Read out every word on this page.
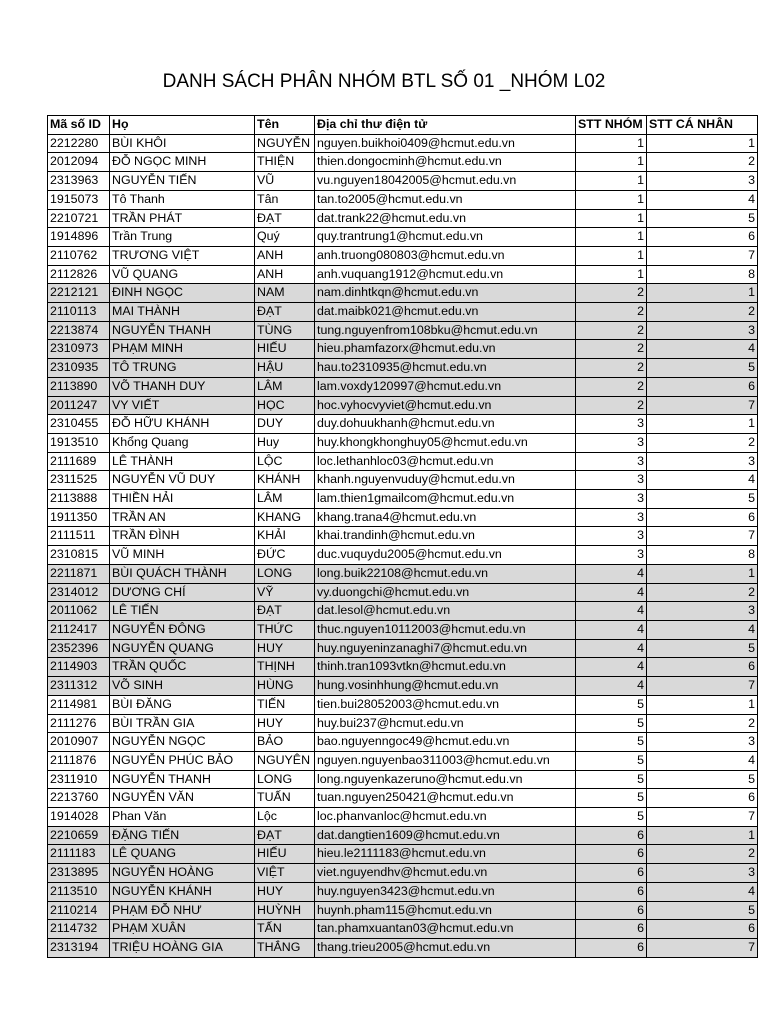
DANH SÁCH PHÂN NHÓM BTL SỐ 01 _NHÓM L02
Mã số ID	Họ	Tên	Địa chỉ thư điện tử	STT NHÓM	STT CÁ NHÂN
2212280	BÙI KHÔI	NGUYỄN	nguyen.buikhoi0409@hcmut.edu.vn	1	1
2012094	ĐỖ NGỌC MINH	THIỆN	thien.dongocminh@hcmut.edu.vn	1	2
2313963	NGUYỄN TIẾN	VŨ	vu.nguyen18042005@hcmut.edu.vn	1	3
1915073	Tô Thanh	Tân	tan.to2005@hcmut.edu.vn	1	4
2210721	TRẦN PHÁT	ĐẠT	dat.trank22@hcmut.edu.vn	1	5
1914896	Trần Trung	Quý	quy.trantrung1@hcmut.edu.vn	1	6
2110762	TRƯƠNG VIỆT	ANH	anh.truong080803@hcmut.edu.vn	1	7
2112826	VŨ QUANG	ANH	anh.vuquang1912@hcmut.edu.vn	1	8
2212121	ĐINH NGỌC	NAM	nam.dinhtkqn@hcmut.edu.vn	2	1
2110113	MAI THÀNH	ĐẠT	dat.maibk021@hcmut.edu.vn	2	2
2213874	NGUYỄN THANH	TÙNG	tung.nguyenfrom108bku@hcmut.edu.vn	2	3
2310973	PHẠM MINH	HIẾU	hieu.phamfazorx@hcmut.edu.vn	2	4
2310935	TÔ TRUNG	HẬU	hau.to2310935@hcmut.edu.vn	2	5
2113890	VÕ THANH DUY	LÂM	lam.voxdy120997@hcmut.edu.vn	2	6
2011247	VY VIẾT	HỌC	hoc.vyhocvyviet@hcmut.edu.vn	2	7
2310455	ĐỖ HỮU KHÁNH	DUY	duy.dohuukhanh@hcmut.edu.vn	3	1
1913510	Khổng Quang	Huy	huy.khongkhonghuy05@hcmut.edu.vn	3	2
2111689	LÊ THÀNH	LỘC	loc.lethanhloc03@hcmut.edu.vn	3	3
2311525	NGUYỄN VŨ DUY	KHÁNH	khanh.nguyenvuduy@hcmut.edu.vn	3	4
2113888	THIỀN HẢI	LÂM	lam.thien1gmailcom@hcmut.edu.vn	3	5
1911350	TRẦN AN	KHANG	khang.trana4@hcmut.edu.vn	3	6
2111511	TRẦN ĐÌNH	KHẢI	khai.trandinh@hcmut.edu.vn	3	7
2310815	VŨ MINH	ĐỨC	duc.vuquydu2005@hcmut.edu.vn	3	8
2211871	BÙI QUÁCH THÀNH	LONG	long.buik22108@hcmut.edu.vn	4	1
2314012	DƯƠNG CHÍ	VỸ	vy.duongchi@hcmut.edu.vn	4	2
2011062	LÊ TIẾN	ĐẠT	dat.lesol@hcmut.edu.vn	4	3
2112417	NGUYỄN ĐÔNG	THỨC	thuc.nguyen10112003@hcmut.edu.vn	4	4
2352396	NGUYỄN QUANG	HUY	huy.nguyeninzanaghi7@hcmut.edu.vn	4	5
2114903	TRẦN QUỐC	THỊNH	thinh.tran1093vtkn@hcmut.edu.vn	4	6
2311312	VÕ SINH	HÙNG	hung.vosinhhung@hcmut.edu.vn	4	7
2114981	BÙI ĐĂNG	TIẾN	tien.bui28052003@hcmut.edu.vn	5	1
2111276	BÙI TRẦN GIA	HUY	huy.bui237@hcmut.edu.vn	5	2
2010907	NGUYỄN NGỌC	BẢO	bao.nguyenngoc49@hcmut.edu.vn	5	3
2111876	NGUYỄN PHÚC BẢO	NGUYÊN	nguyen.nguyenbao311003@hcmut.edu.vn	5	4
2311910	NGUYỄN THANH	LONG	long.nguyenkazeruno@hcmut.edu.vn	5	5
2213760	NGUYỄN VĂN	TUẤN	tuan.nguyen250421@hcmut.edu.vn	5	6
1914028	Phan Văn	Lộc	loc.phanvanloc@hcmut.edu.vn	5	7
2210659	ĐẶNG TIẾN	ĐẠT	dat.dangtien1609@hcmut.edu.vn	6	1
2111183	LÊ QUANG	HIẾU	hieu.le2111183@hcmut.edu.vn	6	2
2313895	NGUYỄN HOÀNG	VIỆT	viet.nguyendhv@hcmut.edu.vn	6	3
2113510	NGUYỄN KHÁNH	HUY	huy.nguyen3423@hcmut.edu.vn	6	4
2110214	PHẠM ĐỖ NHƯ	HUỲNH	huynh.pham115@hcmut.edu.vn	6	5
2114732	PHẠM XUÂN	TẤN	tan.phamxuantan03@hcmut.edu.vn	6	6
2313194	TRIỆU HOÀNG GIA	THẮNG	thang.trieu2005@hcmut.edu.vn	6	7
